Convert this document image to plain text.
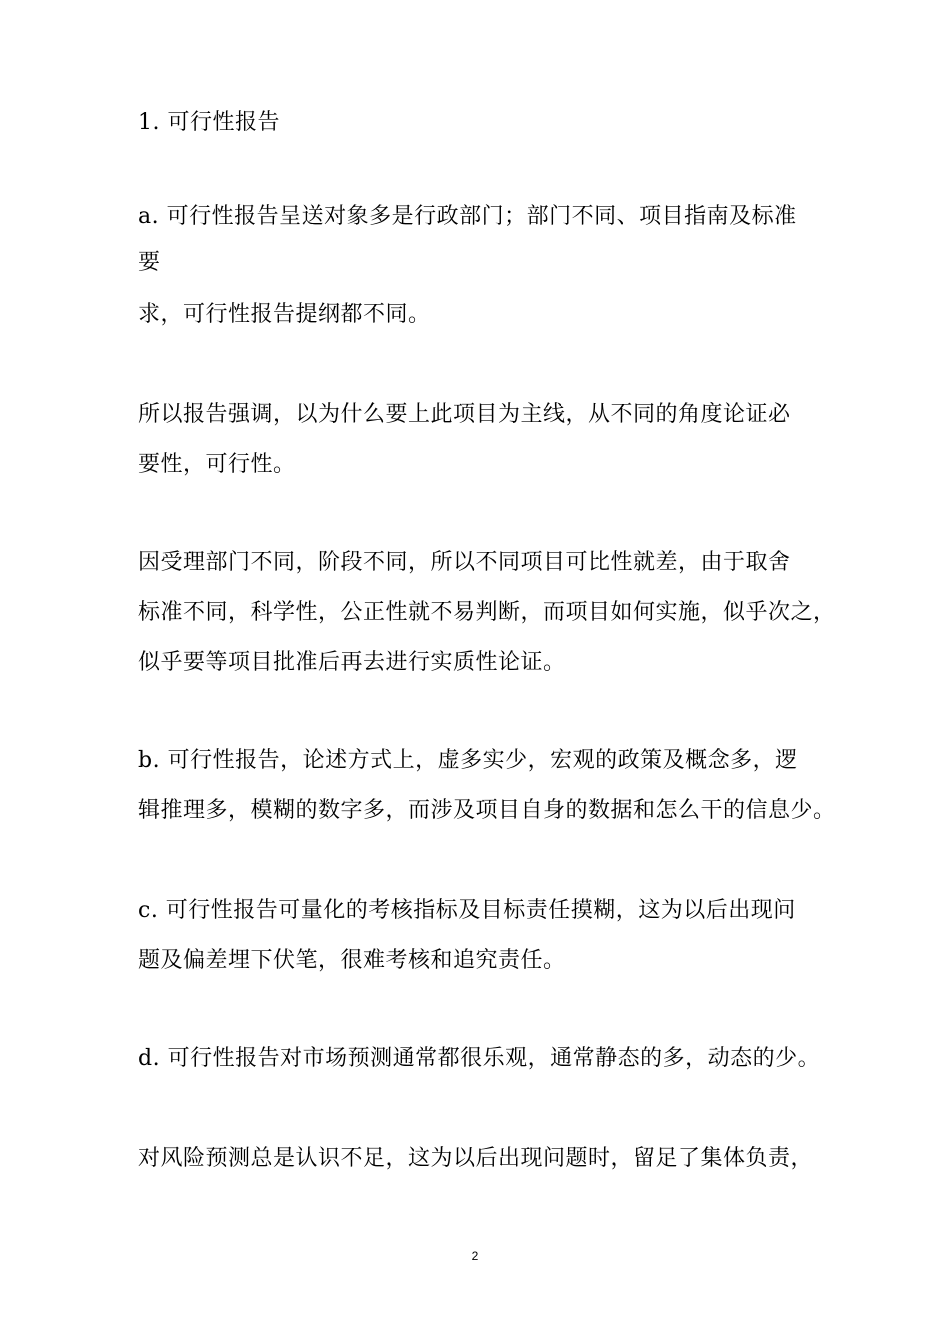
1. 可行性报告
a. 可行性报告呈送对象多是行政部门；部门不同、项目指南及标准
要
求，可行性报告提纲都不同。
所以报告强调，以为什么要上此项目为主线，从不同的角度论证必
要性，可行性。
因受理部门不同，阶段不同，所以不同项目可比性就差，由于取舍
标准不同，科学性，公正性就不易判断，而项目如何实施，似乎次之，
似乎要等项目批准后再去进行实质性论证。
b. 可行性报告，论述方式上，虚多实少，宏观的政策及概念多，逻
辑推理多，模糊的数字多，而涉及项目自身的数据和怎么干的信息少。
c. 可行性报告可量化的考核指标及目标责任摸糊，这为以后出现问
题及偏差埋下伏笔，很难考核和追究责任。
d. 可行性报告对市场预测通常都很乐观，通常静态的多，动态的少。
对风险预测总是认识不足，这为以后出现问题时，留足了集体负责，
2
